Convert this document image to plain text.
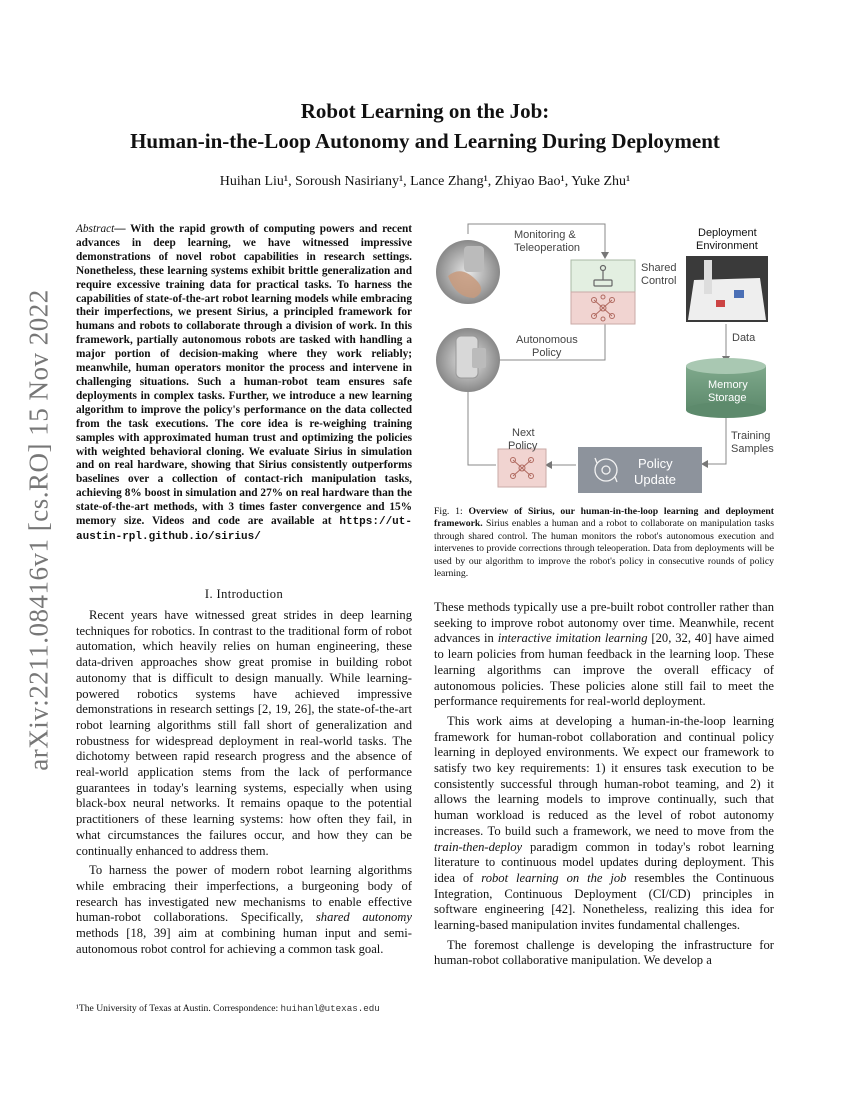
arXiv:2211.08416v1 [cs.RO] 15 Nov 2022
Robot Learning on the Job:
Human-in-the-Loop Autonomy and Learning During Deployment
Huihan Liu¹, Soroush Nasiriany¹, Lance Zhang¹, Zhiyao Bao¹, Yuke Zhu¹
Abstract— With the rapid growth of computing powers and recent advances in deep learning, we have witnessed impressive demonstrations of novel robot capabilities in research settings. Nonetheless, these learning systems exhibit brittle generalization and require excessive training data for practical tasks. To harness the capabilities of state-of-the-art robot learning models while embracing their imperfections, we present Sirius, a principled framework for humans and robots to collaborate through a division of work. In this framework, partially autonomous robots are tasked with handling a major portion of decision-making where they work reliably; meanwhile, human operators monitor the process and intervene in challenging situations. Such a human-robot team ensures safe deployments in complex tasks. Further, we introduce a new learning algorithm to improve the policy's performance on the data collected from the task executions. The core idea is re-weighing training samples with approximated human trust and optimizing the policies with weighted behavioral cloning. We evaluate Sirius in simulation and on real hardware, showing that Sirius consistently outperforms baselines over a collection of contact-rich manipulation tasks, achieving 8% boost in simulation and 27% on real hardware than the state-of-the-art methods, with 3 times faster convergence and 15% memory size. Videos and code are available at https://ut-austin-rpl.github.io/sirius/
I. Introduction

Recent years have witnessed great strides in deep learning techniques for robotics. In contrast to the traditional form of robot automation, which heavily relies on human engineering, these data-driven approaches show great promise in building robot autonomy that is difficult to design manually. While learning-powered robotics systems have achieved impressive demonstrations in research settings [2, 19, 26], the state-of-the-art robot learning algorithms still fall short of generalization and robustness for widespread deployment in real-world tasks. The dichotomy between rapid research progress and the absence of real-world application stems from the lack of performance guarantees in today's learning systems, especially when using black-box neural networks. It remains opaque to the potential practitioners of these learning systems: how often they fail, in what circumstances the failures occur, and how they can be continually enhanced to address them.

To harness the power of modern robot learning algorithms while embracing their imperfections, a burgeoning body of research has investigated new mechanisms to enable effective human-robot collaborations. Specifically, shared autonomy methods [18, 39] aim at combining human input and semi-autonomous robot control for achieving a common task goal.

¹The University of Texas at Austin. Correspondence: huihanl@utexas.edu
Monitoring &
Teleoperation
Autonomous
Policy
Shared
Control
Deployment
Environment
Data
Memory
Storage
Training
Samples
Next
Policy
Policy
Update
Fig. 1: Overview of Sirius, our human-in-the-loop learning and deployment framework. Sirius enables a human and a robot to collaborate on manipulation tasks through shared control. The human monitors the robot's autonomous execution and intervenes to provide corrections through teleoperation. Data from deployments will be used by our algorithm to improve the robot's policy in consecutive rounds of policy learning.

These methods typically use a pre-built robot controller rather than seeking to improve robot autonomy over time. Meanwhile, recent advances in interactive imitation learning [20, 32, 40] have aimed to learn policies from human feedback in the learning loop. These learning algorithms can improve the overall efficacy of autonomous policies. These policies alone still fail to meet the performance requirements for real-world deployment.

This work aims at developing a human-in-the-loop learning framework for human-robot collaboration and continual policy learning in deployed environments. We expect our framework to satisfy two key requirements: 1) it ensures task execution to be consistently successful through human-robot teaming, and 2) it allows the learning models to improve continually, such that human workload is reduced as the level of robot autonomy increases. To build such a framework, we need to move from the train-then-deploy paradigm common in today's robot learning literature to continuous model updates during deployment. This idea of robot learning on the job resembles the Continuous Integration, Continuous Deployment (CI/CD) principles in software engineering [42]. Nonetheless, realizing this idea for learning-based manipulation invites fundamental challenges.

The foremost challenge is developing the infrastructure for human-robot collaborative manipulation. We develop a
